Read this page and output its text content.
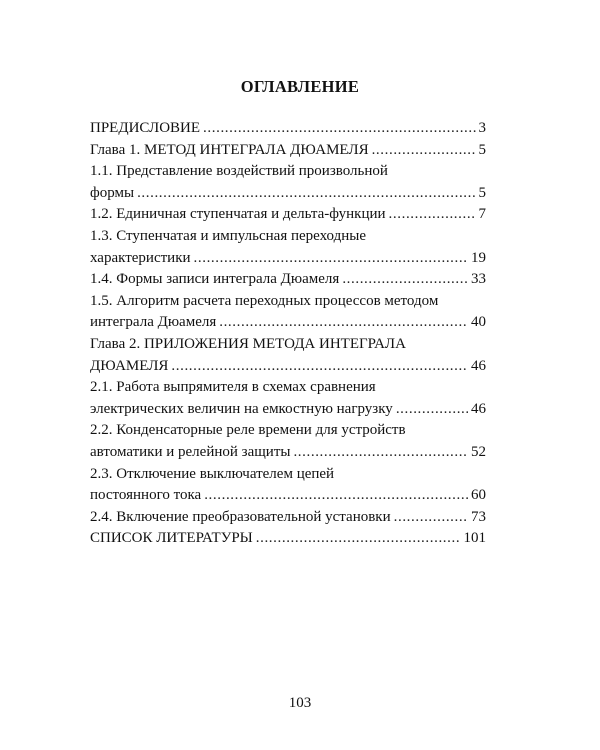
ОГЛАВЛЕНИЕ
ПРЕДИСЛОВИЕ .....	3
Глава 1. МЕТОД ИНТЕГРАЛА ДЮАМЕЛЯ .....	5
1.1. Представление воздействий произвольной
формы .....	5
1.2. Единичная ступенчатая и дельта-функции .....	7
1.3. Ступенчатая и импульсная переходные
характеристики .....	19
1.4. Формы записи интеграла Дюамеля .....	33
1.5. Алгоритм расчета переходных процессов методом
интеграла Дюамеля .....	40
Глава 2. ПРИЛОЖЕНИЯ МЕТОДА ИНТЕГРАЛА
ДЮАМЕЛЯ .....	46
2.1. Работа выпрямителя в схемах сравнения
электрических величин на емкостную нагрузку .....	46
2.2. Конденсаторные реле времени для устройств
автоматики и релейной защиты .....	52
2.3. Отключение выключателем цепей
постоянного тока .....	60
2.4. Включение преобразовательной установки .....	73
СПИСОК ЛИТЕРАТУРЫ .....	101
103
